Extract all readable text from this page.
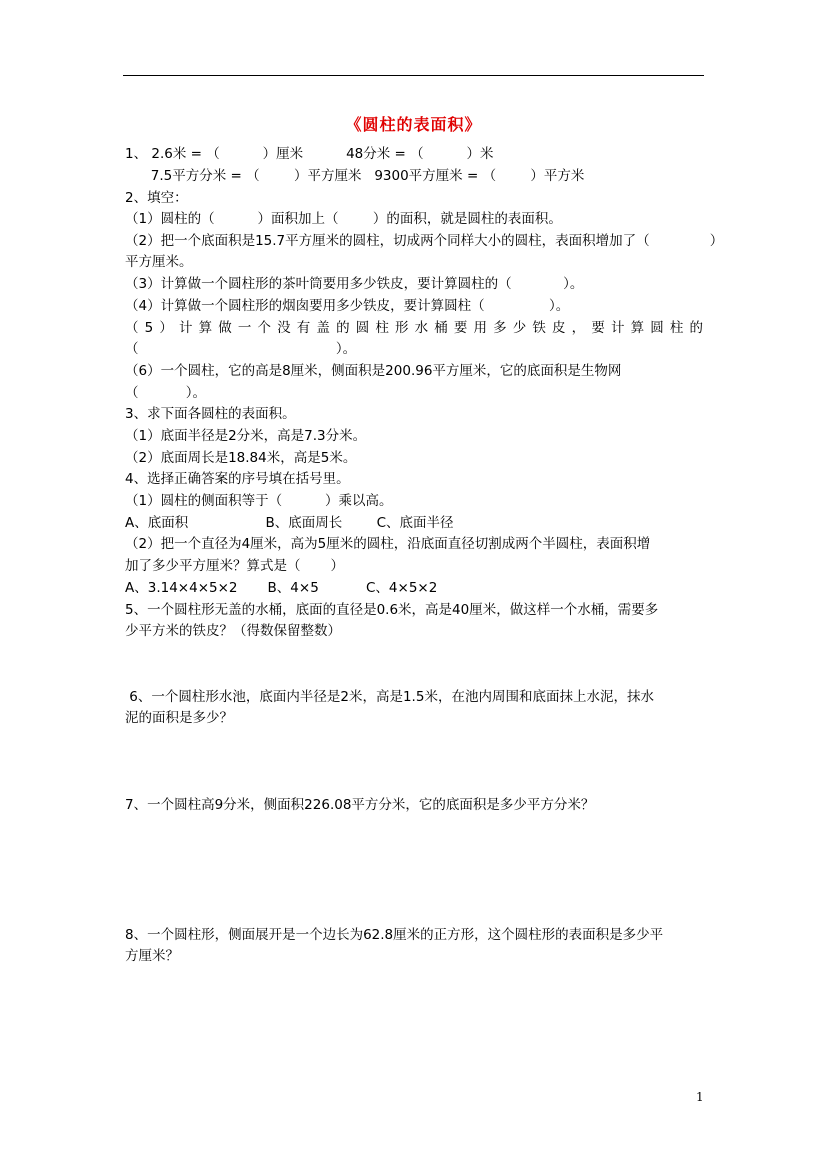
《圆柱的表面积》
1、 2.6米 = （          ）厘米          48分米 = （          ）米
7.5平方分米 = （        ）平方厘米   9300平方厘米 = （        ）平方米
2、填空：
（1）圆柱的（          ）面积加上（        ）的面积，就是圆柱的表面积。
（2）把一个底面积是15.7平方厘米的圆柱，切成两个同样大小的圆柱，表面积增加了（              ）
平方厘米。
（3）计算做一个圆柱形的茶叶筒要用多少铁皮，要计算圆柱的（            ）。
（4）计算做一个圆柱形的烟囱要用多少铁皮，要计算圆柱（               ）。
（5）计算做一个没有盖的圆柱形水桶要用多少铁皮，要计算圆柱的
（                                              ）。
（6）一个圆柱，它的高是8厘米，侧面积是200.96平方厘米，它的底面积是生物网
（           ）。
3、求下面各圆柱的表面积。
（1）底面半径是2分米，高是7.3分米。
（2）底面周长是18.84米，高是5米。
4、选择正确答案的序号填在括号里。
（1）圆柱的侧面积等于（          ）乘以高。
A、底面积                  B、底面周长        C、底面半径
（2）把一个直径为4厘米，高为5厘米的圆柱，沿底面直径切割成两个半圆柱，表面积增
加了多少平方厘米？算式是（       ）
A、3.14×4×5×2       B、4×5           C、4×5×2
5、一个圆柱形无盖的水桶，底面的直径是0.6米，高是40厘米，做这样一个水桶，需要多
少平方米的铁皮？（得数保留整数）
6、一个圆柱形水池，底面内半径是2米，高是1.5米，在池内周围和底面抹上水泥，抹水
泥的面积是多少？
7、一个圆柱高9分米，侧面积226.08平方分米，它的底面积是多少平方分米？
8、一个圆柱形，侧面展开是一个边长为62.8厘米的正方形，这个圆柱形的表面积是多少平
方厘米？
1
